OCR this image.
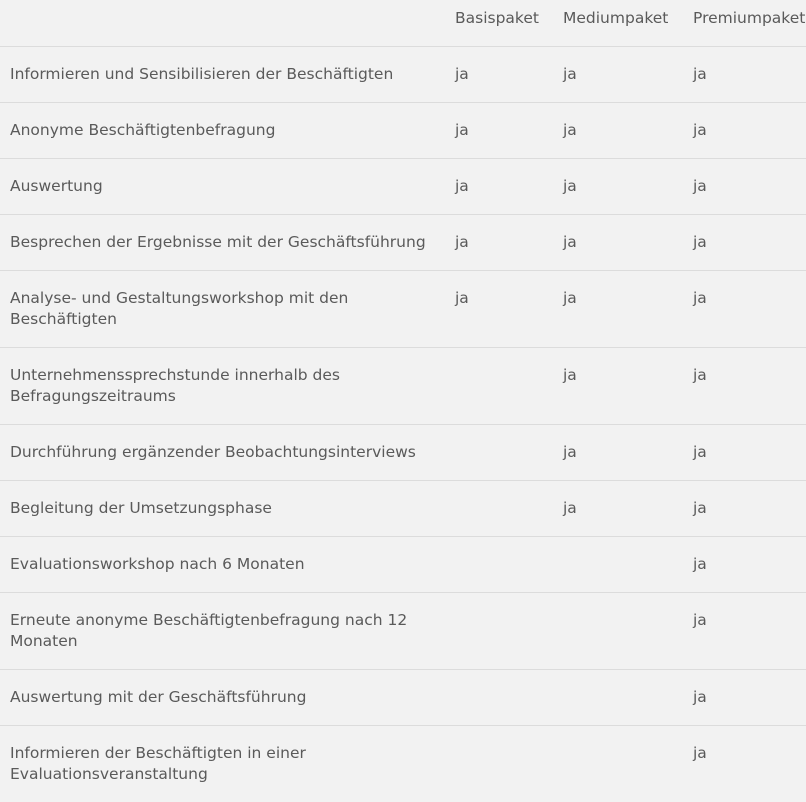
	Basispaket	Mediumpaket	Premiumpaket
Informieren und Sensibilisieren der Beschäftigten	ja	ja	ja
Anonyme Beschäftigtenbefragung	ja	ja	ja
Auswertung	ja	ja	ja
Besprechen der Ergebnisse mit der Geschäftsführung	ja	ja	ja
Analyse- und Gestaltungsworkshop mit den Beschäftigten	ja	ja	ja
Unternehmenssprechstunde innerhalb des Befragungszeitraums		ja	ja
Durchführung ergänzender Beobachtungsinterviews		ja	ja
Begleitung der Umsetzungsphase		ja	ja
Evaluationsworkshop nach 6 Monaten			ja
Erneute anonyme Beschäftigtenbefragung nach 12 Monaten			ja
Auswertung mit der Geschäftsführung			ja
Informieren der Beschäftigten in einer Evaluationsveranstaltung			ja
